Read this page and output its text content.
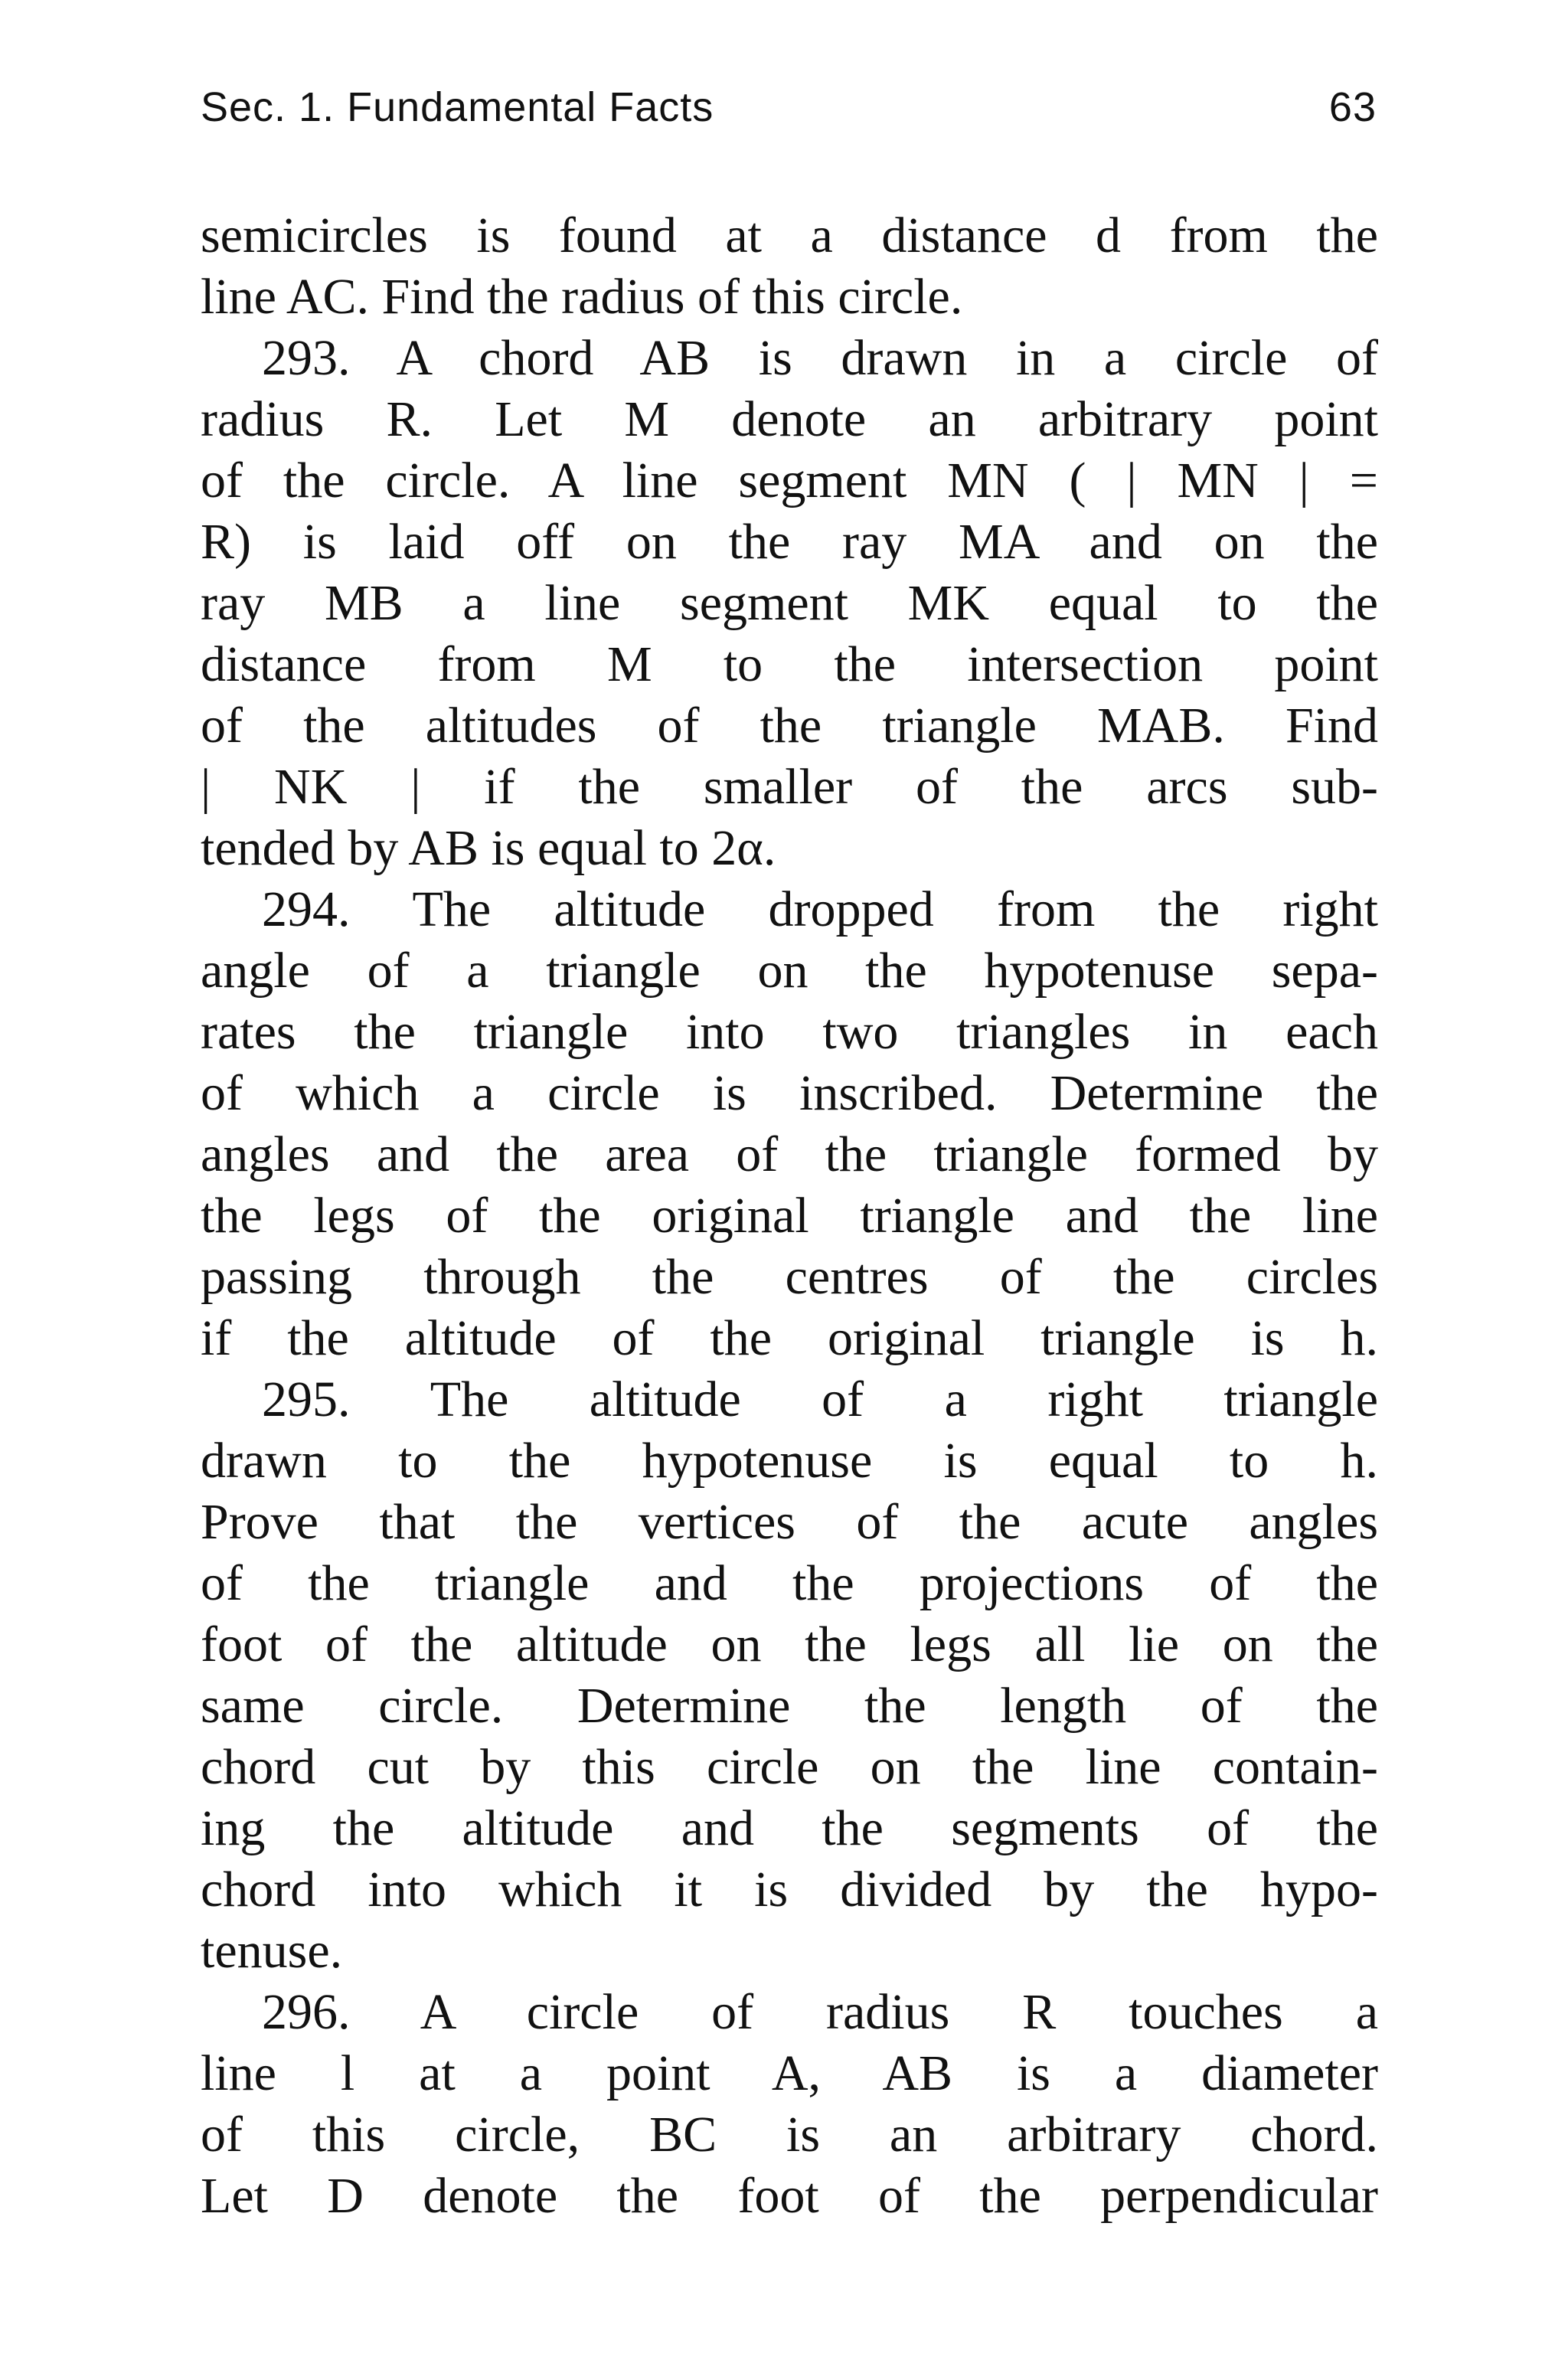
Sec. 1. Fundamental Facts	63
semicircles is found at a distance d from the
line AC. Find the radius of this circle.
293. A chord AB is drawn in a circle of
radius R. Let M denote an arbitrary point
of the circle. A line segment MN ( | MN | =
R) is laid off on the ray MA and on the
ray MB a line segment MK equal to the
distance from M to the intersection point
of the altitudes of the triangle MAB. Find
| NK | if the smaller of the arcs sub-
tended by AB is equal to 2α.
294. The altitude dropped from the right
angle of a triangle on the hypotenuse sepa-
rates the triangle into two triangles in each
of which a circle is inscribed. Determine the
angles and the area of the triangle formed by
the legs of the original triangle and the line
passing through the centres of the circles
if the altitude of the original triangle is h.
295. The altitude of a right triangle
drawn to the hypotenuse is equal to h.
Prove that the vertices of the acute angles
of the triangle and the projections of the
foot of the altitude on the legs all lie on the
same circle. Determine the length of the
chord cut by this circle on the line contain-
ing the altitude and the segments of the
chord into which it is divided by the hypo-
tenuse.
296. A circle of radius R touches a
line l at a point A, AB is a diameter
of this circle, BC is an arbitrary chord.
Let D denote the foot of the perpendicular
